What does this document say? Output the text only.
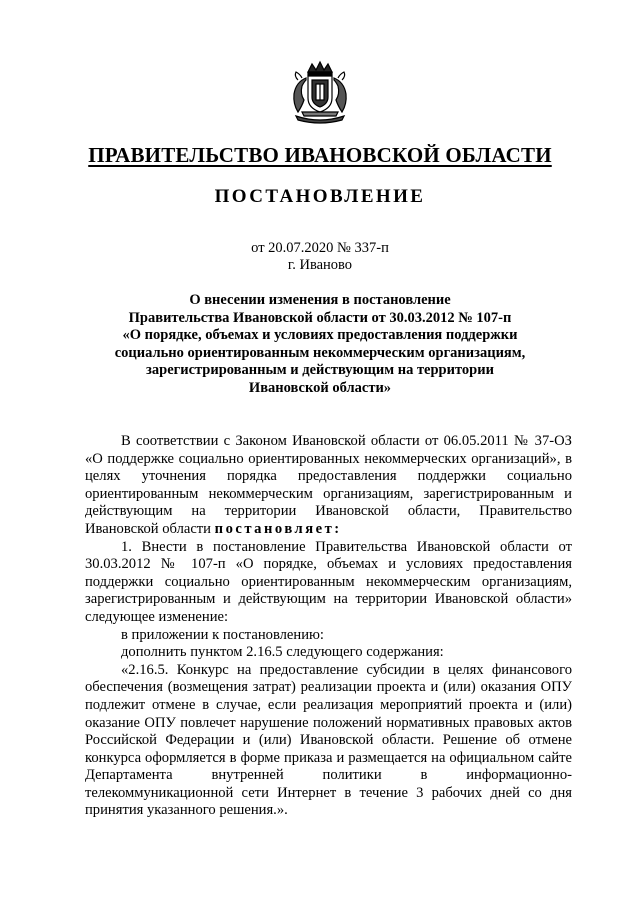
ПРАВИТЕЛЬСТВО ИВАНОВСКОЙ ОБЛАСТИ
ПОСТАНОВЛЕНИЕ
от 20.07.2020 № 337-п
г. Иваново
О внесении изменения в постановление
Правительства Ивановской области от 30.03.2012 № 107-п
«О порядке, объемах и условиях предоставления поддержки
социально ориентированным некоммерческим организациям,
зарегистрированным и действующим на территории
Ивановской области»

В соответствии с Законом Ивановской области от 06.05.2011 № 37-ОЗ «О поддержке социально ориентированных некоммерческих организаций», в целях уточнения порядка предоставления поддержки социально ориентированным некоммерческим организациям, зарегистрированным и действующим на территории Ивановской области, Правительство Ивановской области постановляет:

1. Внести в постановление Правительства Ивановской области от 30.03.2012 № 107-п «О порядке, объемах и условиях предоставления поддержки социально ориентированным некоммерческим организациям, зарегистрированным и действующим на территории Ивановской области» следующее изменение:

в приложении к постановлению:

дополнить пунктом 2.16.5 следующего содержания:

«2.16.5. Конкурс на предоставление субсидии в целях финансового обеспечения (возмещения затрат) реализации проекта и (или) оказания ОПУ подлежит отмене в случае, если реализация мероприятий проекта и (или) оказание ОПУ повлечет нарушение положений нормативных правовых актов Российской Федерации и (или) Ивановской области. Решение об отмене конкурса оформляется в форме приказа и размещается на официальном сайте Департамента внутренней политики в информационно-телекоммуникационной сети Интернет в течение 3 рабочих дней со дня принятия указанного решения.».
